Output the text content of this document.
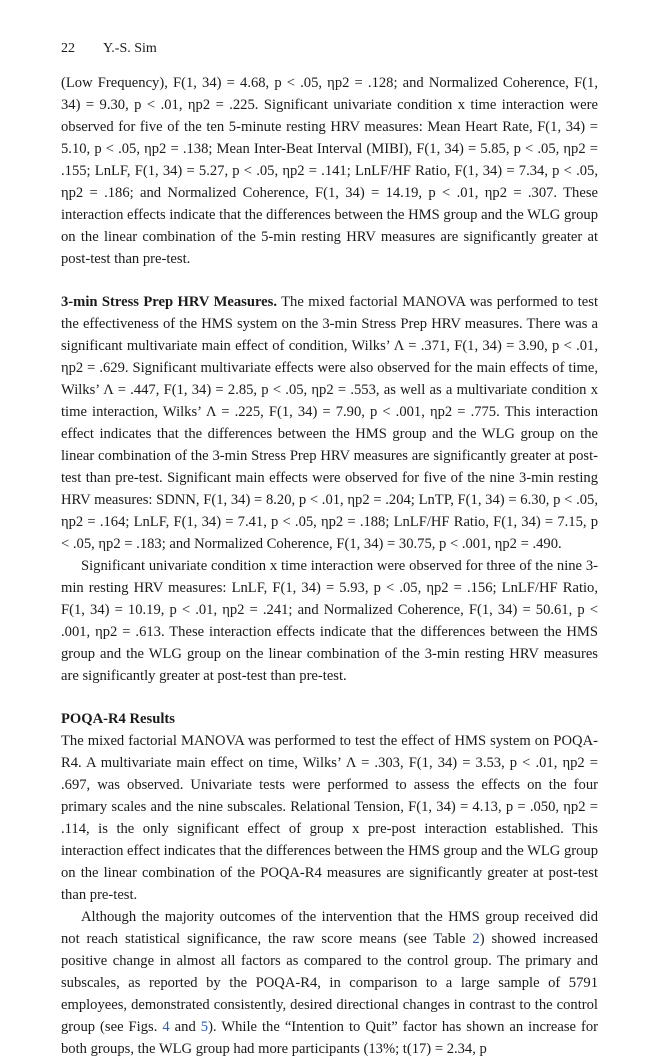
22 Y.-S. Sim

(Low Frequency), F(1, 34) = 4.68, p < .05, ηp2 = .128; and Normalized Coherence, F(1, 34) = 9.30, p < .01, ηp2 = .225. Significant univariate condition x time interaction were observed for five of the ten 5-minute resting HRV measures: Mean Heart Rate, F(1, 34) = 5.10, p < .05, ηp2 = .138; Mean Inter-Beat Interval (MIBI), F(1, 34) = 5.85, p < .05, ηp2 = .155; LnLF, F(1, 34) = 5.27, p < .05, ηp2 = .141; LnLF/HF Ratio, F(1, 34) = 7.34, p < .05, ηp2 = .186; and Normalized Coherence, F(1, 34) = 14.19, p < .01, ηp2 = .307. These interaction effects indicate that the differences between the HMS group and the WLG group on the linear combination of the 5-min resting HRV measures are significantly greater at post-test than pre-test.

3-min Stress Prep HRV Measures. The mixed factorial MANOVA was performed to test the effectiveness of the HMS system on the 3-min Stress Prep HRV measures. There was a significant multivariate main effect of condition, Wilks’ Λ = .371, F(1, 34) = 3.90, p < .01, ηp2 = .629. Significant multivariate effects were also observed for the main effects of time, Wilks’ Λ = .447, F(1, 34) = 2.85, p < .05, ηp2 = .553, as well as a multivariate condition x time interaction, Wilks’ Λ = .225, F(1, 34) = 7.90, p < .001, ηp2 = .775. This interaction effect indicates that the differences between the HMS group and the WLG group on the linear combination of the 3-min Stress Prep HRV measures are significantly greater at post-test than pre-test. Significant main effects were observed for five of the nine 3-min resting HRV measures: SDNN, F(1, 34) = 8.20, p < .01, ηp2 = .204; LnTP, F(1, 34) = 6.30, p < .05, ηp2 = .164; LnLF, F(1, 34) = 7.41, p < .05, ηp2 = .188; LnLF/HF Ratio, F(1, 34) = 7.15, p < .05, ηp2 = .183; and Normalized Coherence, F(1, 34) = 30.75, p < .001, ηp2 = .490.

Significant univariate condition x time interaction were observed for three of the nine 3-min resting HRV measures: LnLF, F(1, 34) = 5.93, p < .05, ηp2 = .156; LnLF/HF Ratio, F(1, 34) = 10.19, p < .01, ηp2 = .241; and Normalized Coherence, F(1, 34) = 50.61, p < .001, ηp2 = .613. These interaction effects indicate that the differences between the HMS group and the WLG group on the linear combination of the 3-min resting HRV measures are significantly greater at post-test than pre-test.

POQA-R4 Results

The mixed factorial MANOVA was performed to test the effect of HMS system on POQA-R4. A multivariate main effect on time, Wilks’ Λ = .303, F(1, 34) = 3.53, p < .01, ηp2 = .697, was observed. Univariate tests were performed to assess the effects on the four primary scales and the nine subscales. Relational Tension, F(1, 34) = 4.13, p = .050, ηp2 = .114, is the only significant effect of group x pre-post interaction established. This interaction effect indicates that the differences between the HMS group and the WLG group on the linear combination of the POQA-R4 measures are significantly greater at post-test than pre-test.

Although the majority outcomes of the intervention that the HMS group received did not reach statistical significance, the raw score means (see Table 2) showed increased positive change in almost all factors as compared to the control group. The primary and subscales, as reported by the POQA-R4, in comparison to a large sample of 5791 employees, demonstrated consistently, desired directional changes in contrast to the control group (see Figs. 4 and 5). While the “Intention to Quit” factor has shown an increase for both groups, the WLG group had more participants (13%; t(17) = 2.34, p
